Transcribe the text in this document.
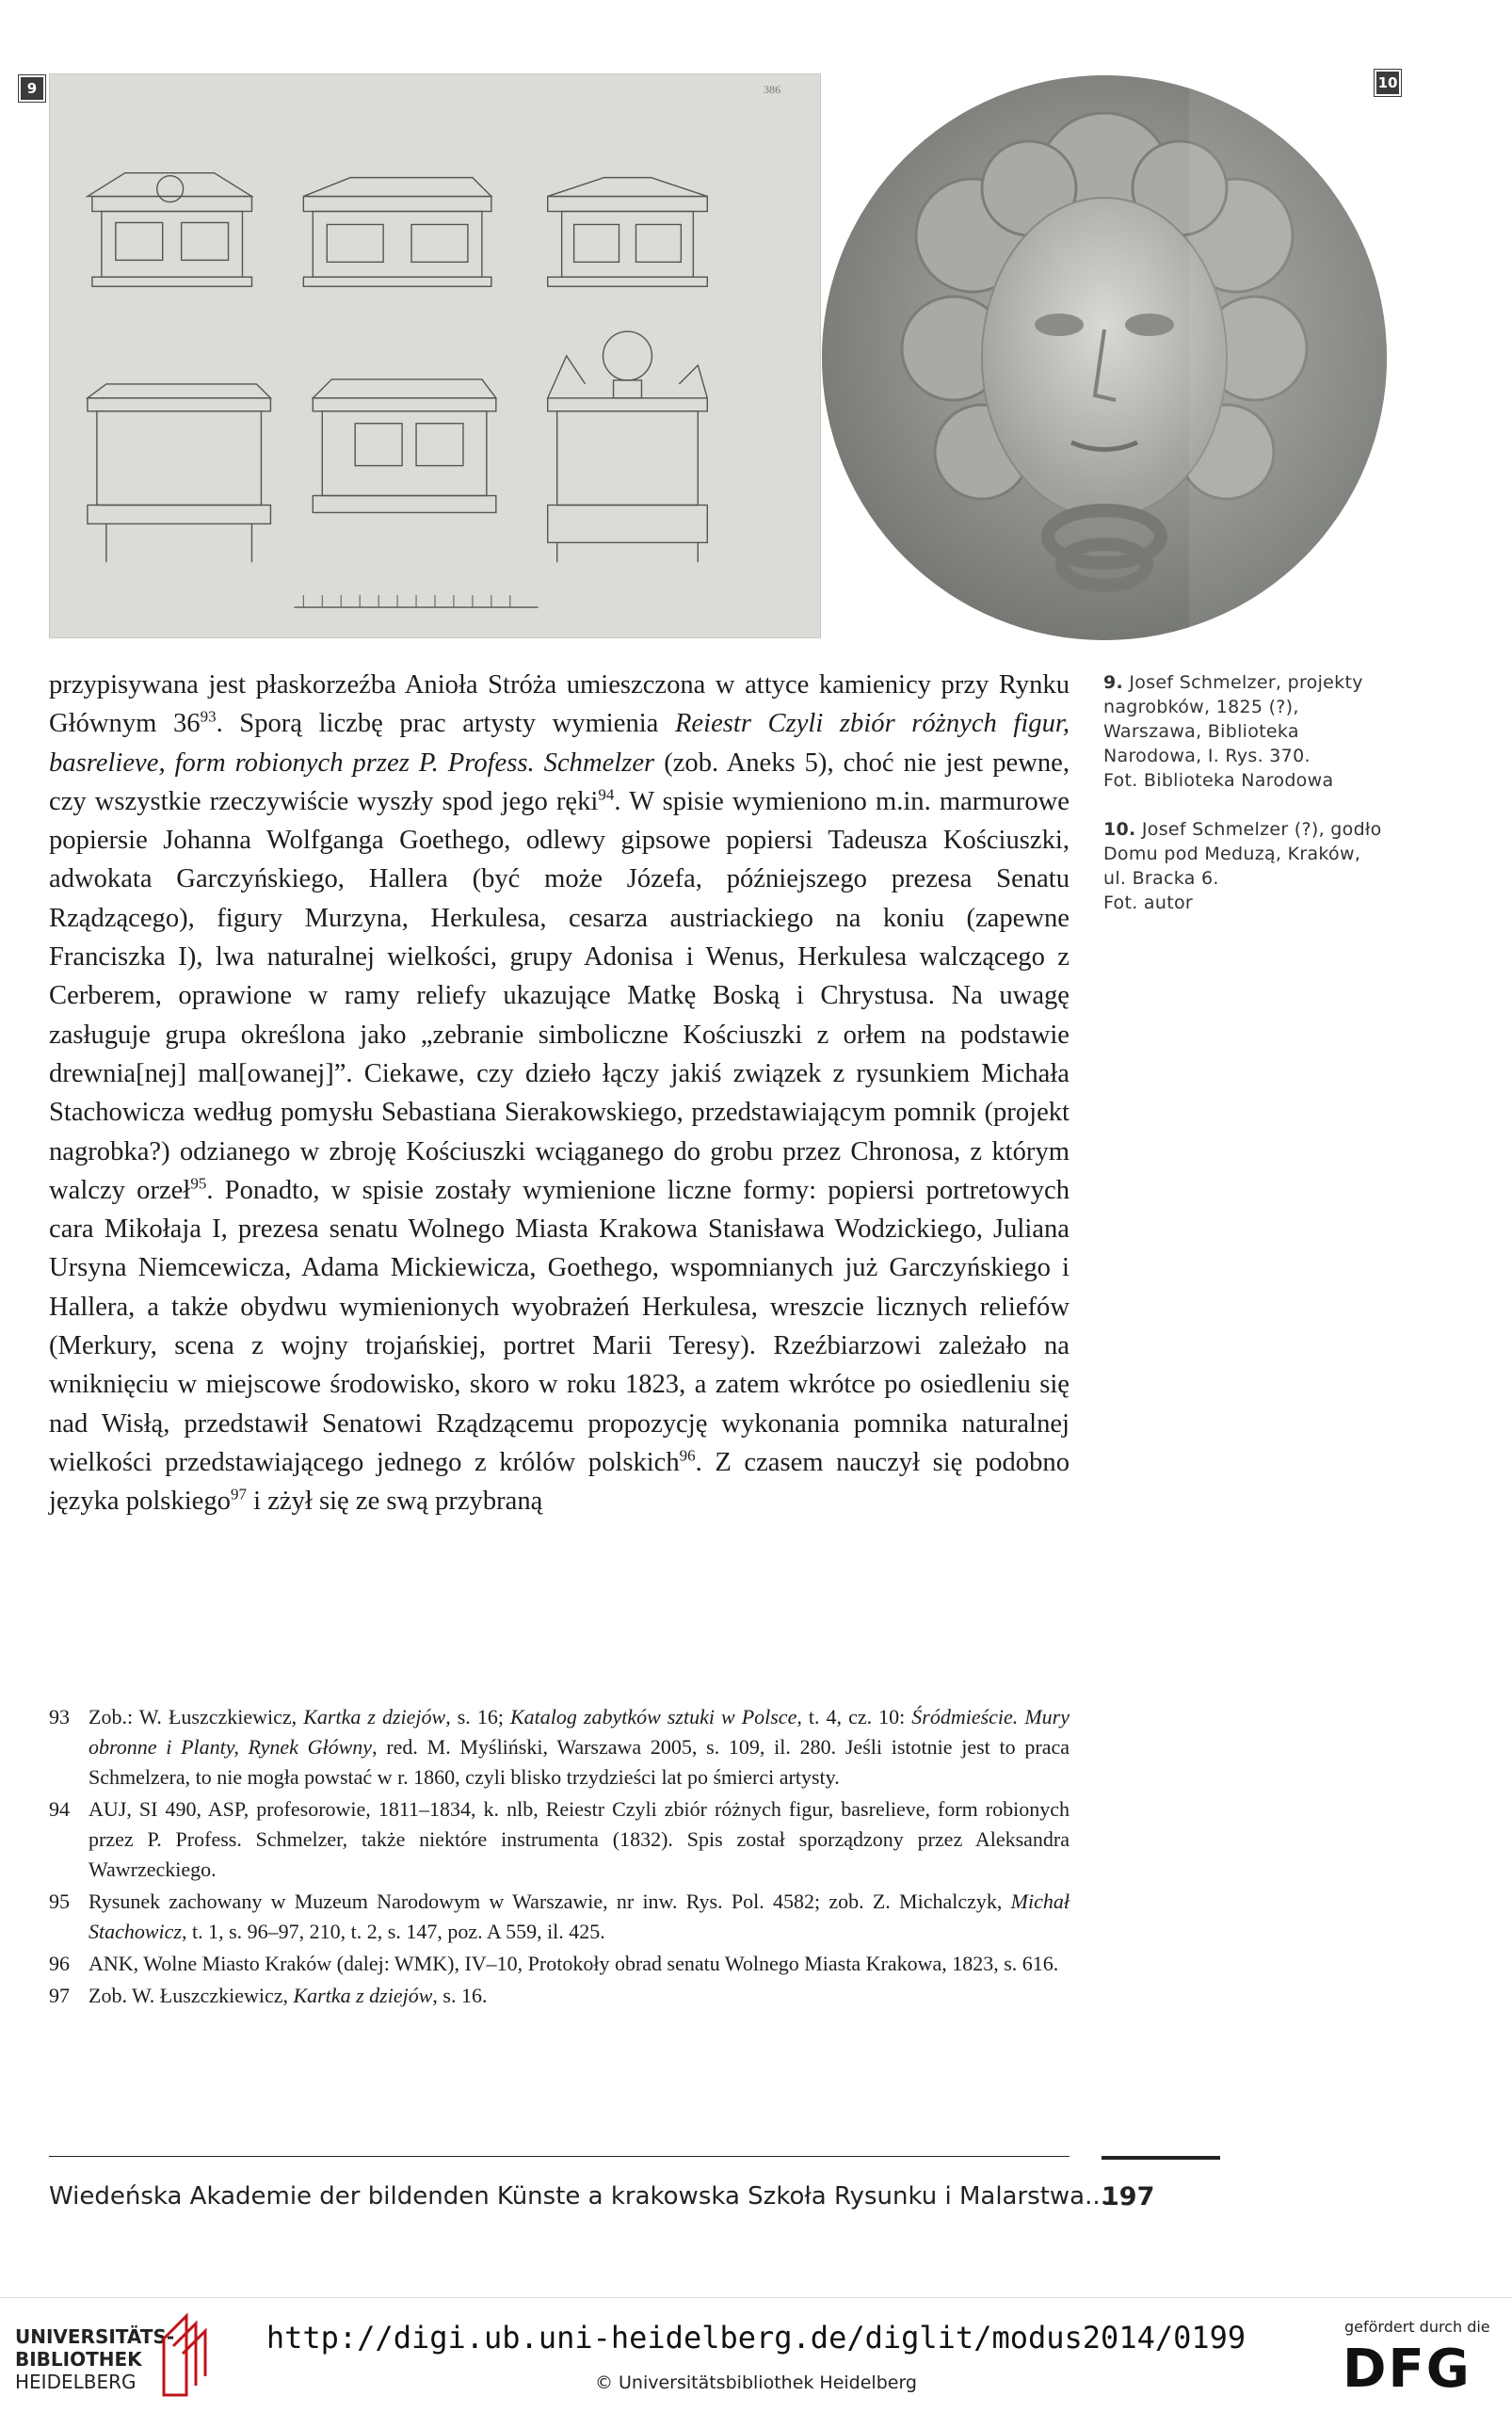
386
9	10

przypisywana jest płaskorzeźba Anioła Stróża umieszczona w attyce kamienicy przy Rynku Głównym $36^{93}$. Sporą liczbę prac artysty wymienia Reiestr Czyli zbiór różnych figur, basrelieve, form robionych przez P. Profess. Schmelzer (zob. Aneks 5), choć nie jest pewne, czy wszystkie rzeczywiście wyszły spod jego ręki$^{94}$. W spisie wymieniono m.in. marmurowe popiersie Johanna Wolfganga Goethego, odlewy gipsowe popiersi Tadeusza Kościuszki, adwokata Garczyńskiego, Hallera (być może Józefa, późniejszego prezesa Senatu Rządzącego), figury Murzyna, Herkulesa, cesarza austriackiego na koniu (zapewne Franciszka I), lwa naturalnej wielkości, grupy Adonisa i Wenus, Herkulesa walczącego z Cerberem, oprawione w ramy reliefy ukazujące Matkę Boską i Chrystusa. Na uwagę zasługuje grupa określona jako „zebranie simboliczne Kościuszki z orłem na podstawie drewnia[nej] mal[owanej]”. Ciekawe, czy dzieło łączy jakiś związek z rysunkiem Michała Stachowicza według pomysłu Sebastiana Sierakowskiego, przedstawiającym pomnik (projekt nagrobka?) odzianego w zbroję Kościuszki wciąganego do grobu przez Chronosa, z którym walczy orzeł$^{95}$. Ponadto, w spisie zostały wymienione liczne formy: popiersi portretowych cara Mikołaja I, prezesa senatu Wolnego Miasta Krakowa Stanisława Wodzickiego, Juliana Ursyna Niemcewicza, Adama Mickiewicza, Goethego, wspomnianych już Garczyńskiego i Hallera, a także obydwu wymienionych wyobrażeń Herkulesa, wreszcie licznych reliefów (Merkury, scena z wojny trojańskiej, portret Marii Teresy). Rzeźbiarzowi zależało na wniknięciu w miejscowe środowisko, skoro w roku 1823, a zatem wkrótce po osiedleniu się nad Wisłą, przedstawił Senatowi Rządzącemu propozycję wykonania pomnika naturalnej wielkości przedstawiającego jednego z królów polskich$^{96}$. Z czasem nauczył się podobno języka polskiego$^{97}$ i zżył się ze swą przybraną

9. Josef Schmelzer, projekty nagrobków, 1825 (?), Warszawa, Biblioteka Narodowa, I. Rys. 370.
Fot. Biblioteka Narodowa
10. Josef Schmelzer (?), godło Domu pod Meduzą, Kraków, ul. Bracka 6.
Fot. autor
93 Zob.: W. Łuszczkiewicz, Kartka z dziejów, s. 16; Katalog zabytków sztuki w Polsce, t. 4, cz. 10: Śródmieście. Mury obronne i Planty, Rynek Główny, red. M. Myśliński, Warszawa 2005, s. 109, il. 280. Jeśli istotnie jest to praca Schmelzera, to nie mogła powstać w r. 1860, czyli blisko trzydzieści lat po śmierci artysty.
94 AUJ, SI 490, ASP, profesorowie, 1811–1834, k. nlb, Reiestr Czyli zbiór różnych figur, basrelieve, form robionych przez P. Profess. Schmelzer, także niektóre instrumenta (1832). Spis został sporządzony przez Aleksandra Wawrzeckiego.
95 Rysunek zachowany w Muzeum Narodowym w Warszawie, nr inw. Rys. Pol. 4582; zob. Z. Michalczyk, Michał Stachowicz, t. 1, s. 96–97, 210, t. 2, s. 147, poz. A 559, il. 425.
96 ANK, Wolne Miasto Kraków (dalej: WMK), IV–10, Protokoły obrad senatu Wolnego Miasta Krakowa, 1823, s. 616.
97 Zob. W. Łuszczkiewicz, Kartka z dziejów, s. 16.
Wiedeńska Akademie der bildenden Künste a krakowska Szkoła Rysunku i Malarstwa...
197
UNIVERSITÄTS-
BIBLIOTHEK
HEIDELBERG
http://digi.ub.uni-heidelberg.de/diglit/modus2014/0199
© Universitätsbibliothek Heidelberg
gefördert durch die
DFG
